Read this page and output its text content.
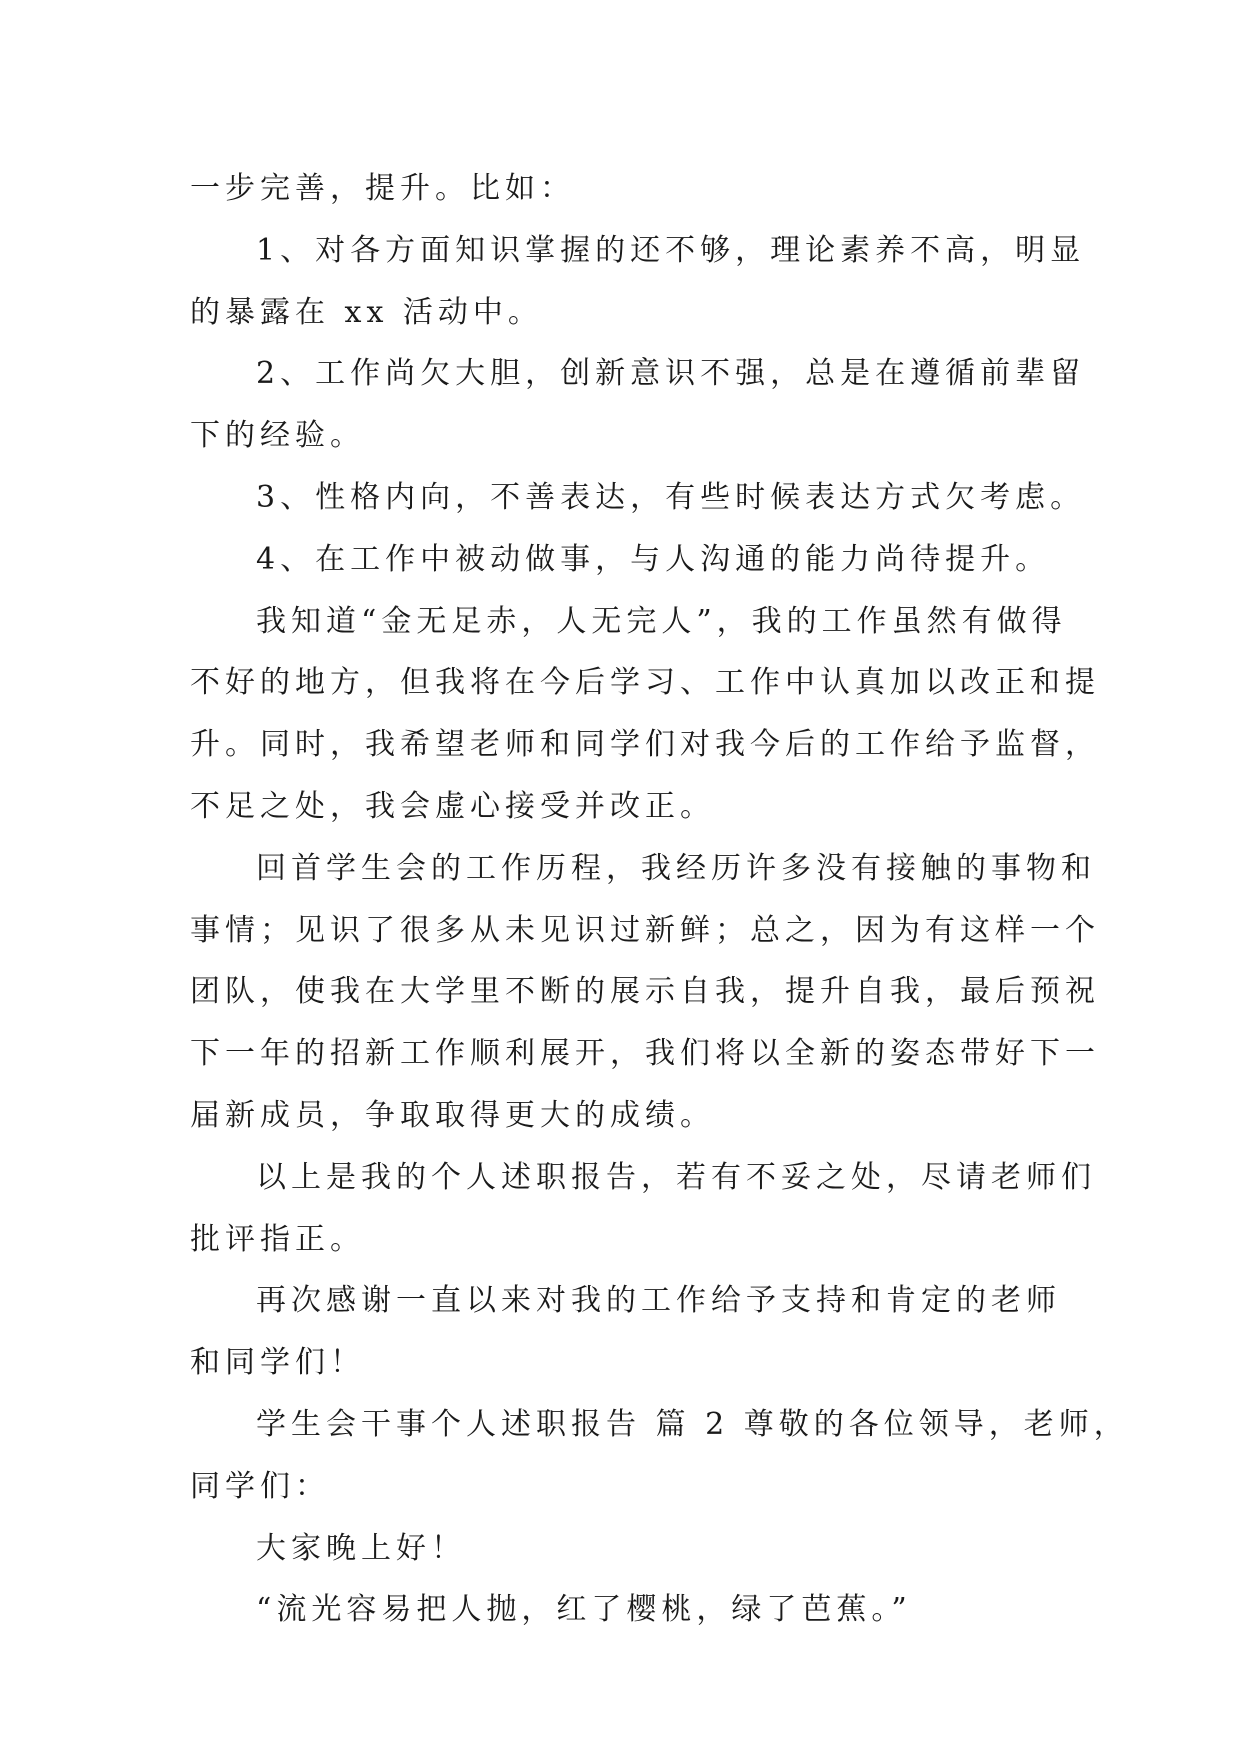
一步完善，提升。比如：
1、对各方面知识掌握的还不够，理论素养不高，明显
的暴露在 xx 活动中。
2、工作尚欠大胆，创新意识不强，总是在遵循前辈留
下的经验。
3、性格内向，不善表达，有些时候表达方式欠考虑。
4、在工作中被动做事，与人沟通的能力尚待提升。
我知道“金无足赤，人无完人”，我的工作虽然有做得
不好的地方，但我将在今后学习、工作中认真加以改正和提
升。同时，我希望老师和同学们对我今后的工作给予监督，
不足之处，我会虚心接受并改正。
回首学生会的工作历程，我经历许多没有接触的事物和
事情；见识了很多从未见识过新鲜；总之，因为有这样一个
团队，使我在大学里不断的展示自我，提升自我，最后预祝
下一年的招新工作顺利展开，我们将以全新的姿态带好下一
届新成员，争取取得更大的成绩。
以上是我的个人述职报告，若有不妥之处，尽请老师们
批评指正。
再次感谢一直以来对我的工作给予支持和肯定的老师
和同学们！
学生会干事个人述职报告 篇 2 尊敬的各位领导，老师，
同学们：
大家晚上好！
“流光容易把人抛，红了樱桃，绿了芭蕉。”
